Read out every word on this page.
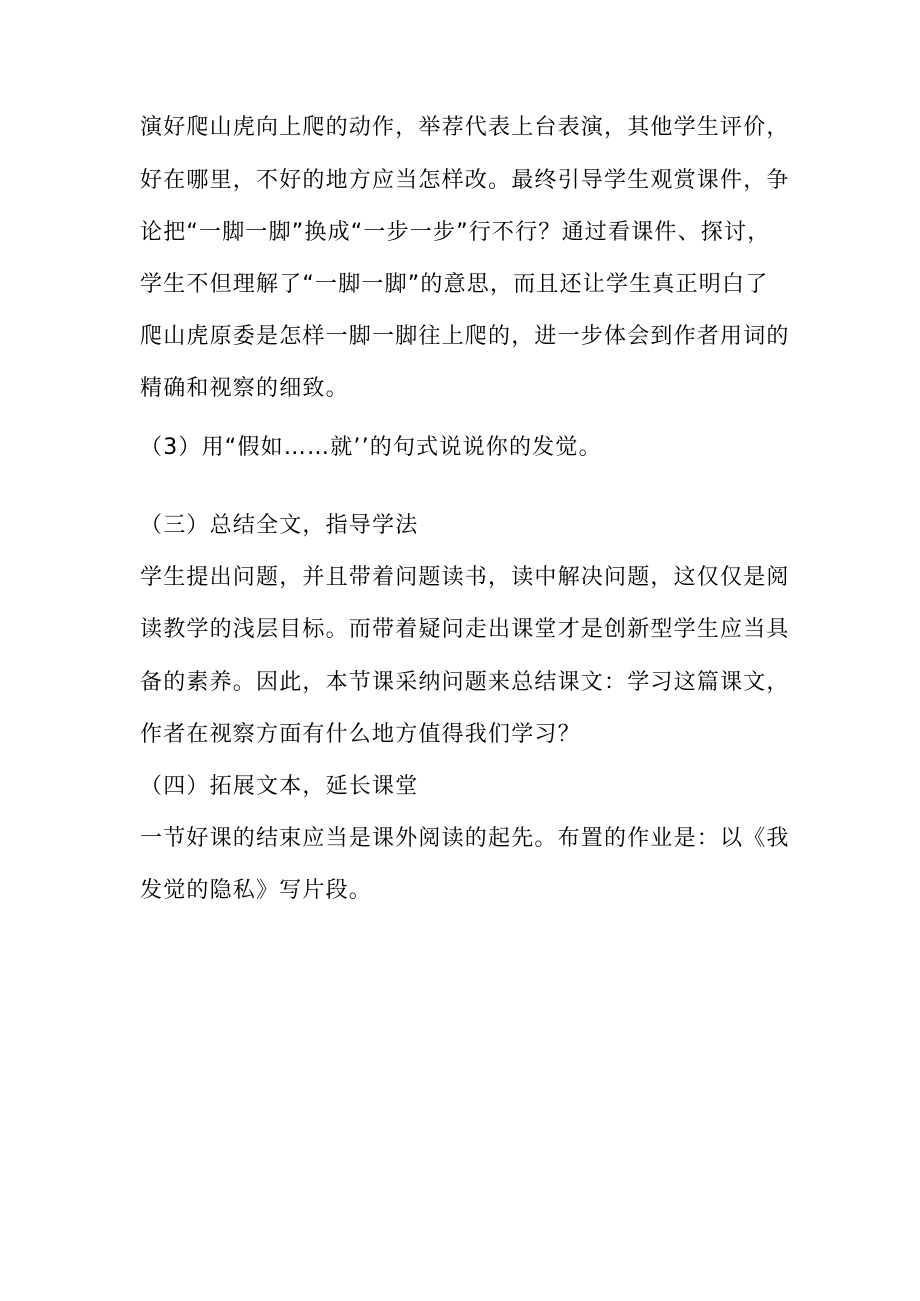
演好爬山虎向上爬的动作，举荐代表上台表演，其他学生评价，
好在哪里，不好的地方应当怎样改。最终引导学生观赏课件，争
论把“一脚一脚”换成“一步一步”行不行？通过看课件、探讨，
学生不但理解了“一脚一脚”的意思，而且还让学生真正明白了
爬山虎原委是怎样一脚一脚往上爬的，进一步体会到作者用词的
精确和视察的细致。
（3）用“假如……就’’的句式说说你的发觉。
（三）总结全文，指导学法
学生提出问题，并且带着问题读书，读中解决问题，这仅仅是阅
读教学的浅层目标。而带着疑问走出课堂才是创新型学生应当具
备的素养。因此，本节课采纳问题来总结课文：学习这篇课文，
作者在视察方面有什么地方值得我们学习？
（四）拓展文本，延长课堂
一节好课的结束应当是课外阅读的起先。布置的作业是：以《我
发觉的隐私》写片段。
